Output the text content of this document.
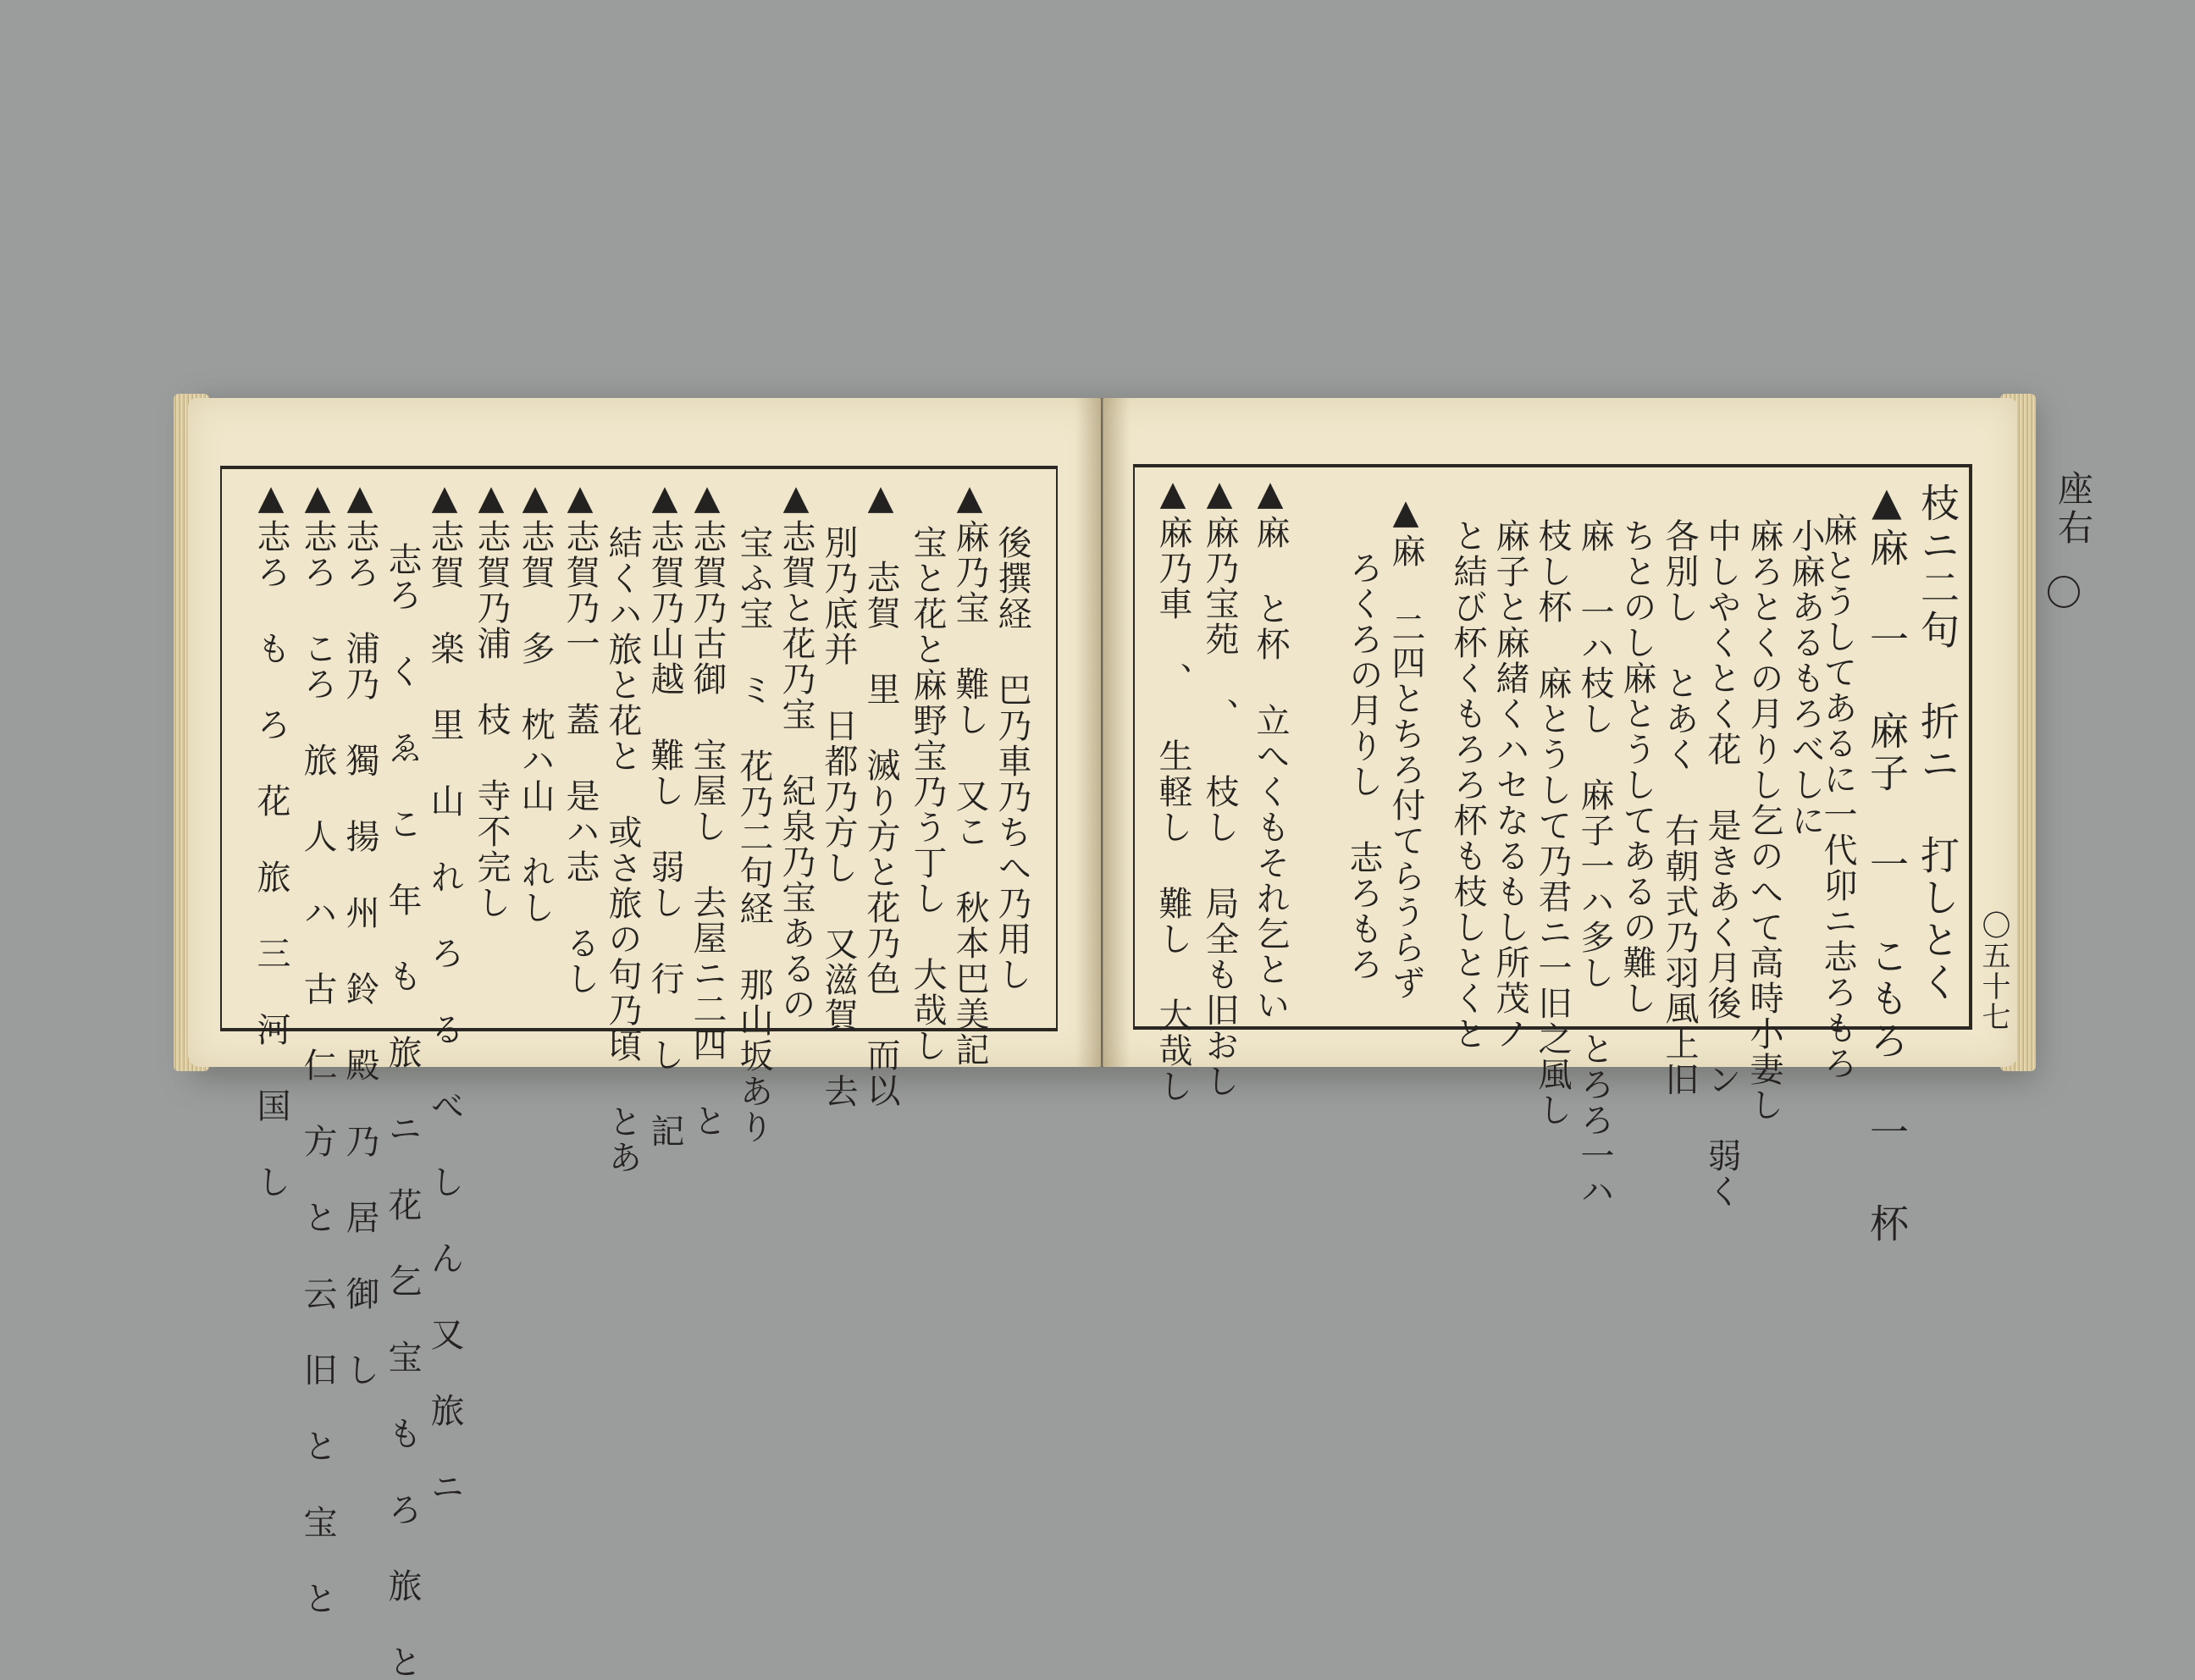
座右
〇五十七
枝ニ二句 折ニ 打しとく
▲麻 一 麻子 一 こもろ 一 杯
麻とうしてあるに一代卯ニ志ろもろ
小麻あるもろべしに
麻ろとくの月りし乞のへて高時小妻し
中しやくとく花 是きあく月後 ン 弱く
各別し とあく 右朝式乃羽風上旧
ちとのし麻とうしてあるの難し
麻 一ハ枝し 麻子一ハ多し とろろ一ハ
枝し杯 麻とうして乃君ニ一旧之風し
麻子と麻緒くハセなるもし所茂ノ
と結び杯くもろろ杯も枝しとくと
▲麻 二四とちろ付てらうらず
ろくろの月りし 志ろもろ
▲麻 と杯 立へくもそれ乞とい
▲麻乃宝苑 、 枝し 局全も旧おし
▲麻乃車 、 生軽し 難し 大哉し
後撰経 巴乃車乃ちへ乃用し
▲麻乃宝 難し 又こ 秋本巴美記
宝と花と麻野宝乃う丁し 大哉し
▲ 志賀 里 滅り方と花乃色 而以
別乃底并 日都乃方し 又滋賀 去
▲志賀と花乃宝 紀泉乃宝あるの
宝ふ宝 ミ 花乃二句経 那山坂あり
▲志賀乃古御 宝屋し 去屋ニ二四 と
▲志賀乃山越 難し 弱し 行 し 記
結くハ旅と花と 或さ旅の句乃頃 とあ
▲志賀乃一 蓋 是ハ志 るし
▲志賀 多 枕ハ山 れし
▲志賀乃浦 枝 寺不完し
▲志賀 楽 里 山 れ ろ る べ し ん 又 旅 ニ
志ろ く ゑ こ 年 も 旅 ニ 花 乞 宝 も ろ 旅 と
▲志ろ 浦乃 獨 揚 州 鈴 殿 乃 居 御 し
▲志ろ ころ 旅 人 ハ 古 仁 方 と 云 旧 と 宝 と
▲志ろ も ろ 花 旅 三 河 国 し
